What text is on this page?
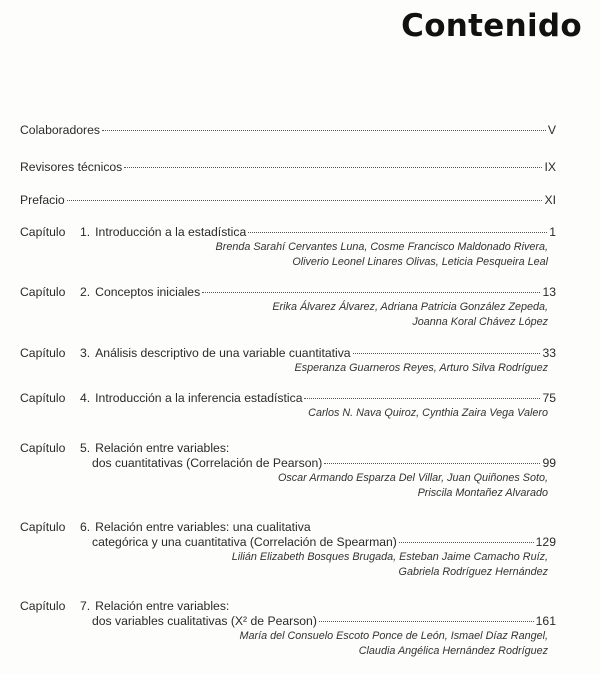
Contenido
Colaboradores	V
Revisores técnicos	IX
Prefacio	XI
Capítulo	1. Introducción a la estadística	1
Brenda Sarahí Cervantes Luna, Cosme Francisco Maldonado Rivera,
Oliverio Leonel Linares Olivas, Leticia Pesqueira Leal
Capítulo	2. Conceptos iniciales	13
Erika Álvarez Álvarez, Adriana Patricia González Zepeda,
Joanna Koral Chávez López
Capítulo	3. Análisis descriptivo de una variable cuantitativa	33
Esperanza Guarneros Reyes, Arturo Silva Rodríguez
Capítulo	4. Introducción a la inferencia estadística	75
Carlos N. Nava Quiroz, Cynthia Zaira Vega Valero
Capítulo	5. Relación entre variables:
dos cuantitativas (Correlación de Pearson)	99
Oscar Armando Esparza Del Villar, Juan Quiñones Soto,
Priscila Montañez Alvarado
Capítulo	6. Relación entre variables: una cualitativa
categórica y una cuantitativa (Correlación de Spearman)	129
Lilián Elizabeth Bosques Brugada, Esteban Jaime Camacho Ruíz,
Gabriela Rodríguez Hernández
Capítulo	7. Relación entre variables:
dos variables cualitativas (X² de Pearson)	161
María del Consuelo Escoto Ponce de León, Ismael Díaz Rangel,
Claudia Angélica Hernández Rodríguez
